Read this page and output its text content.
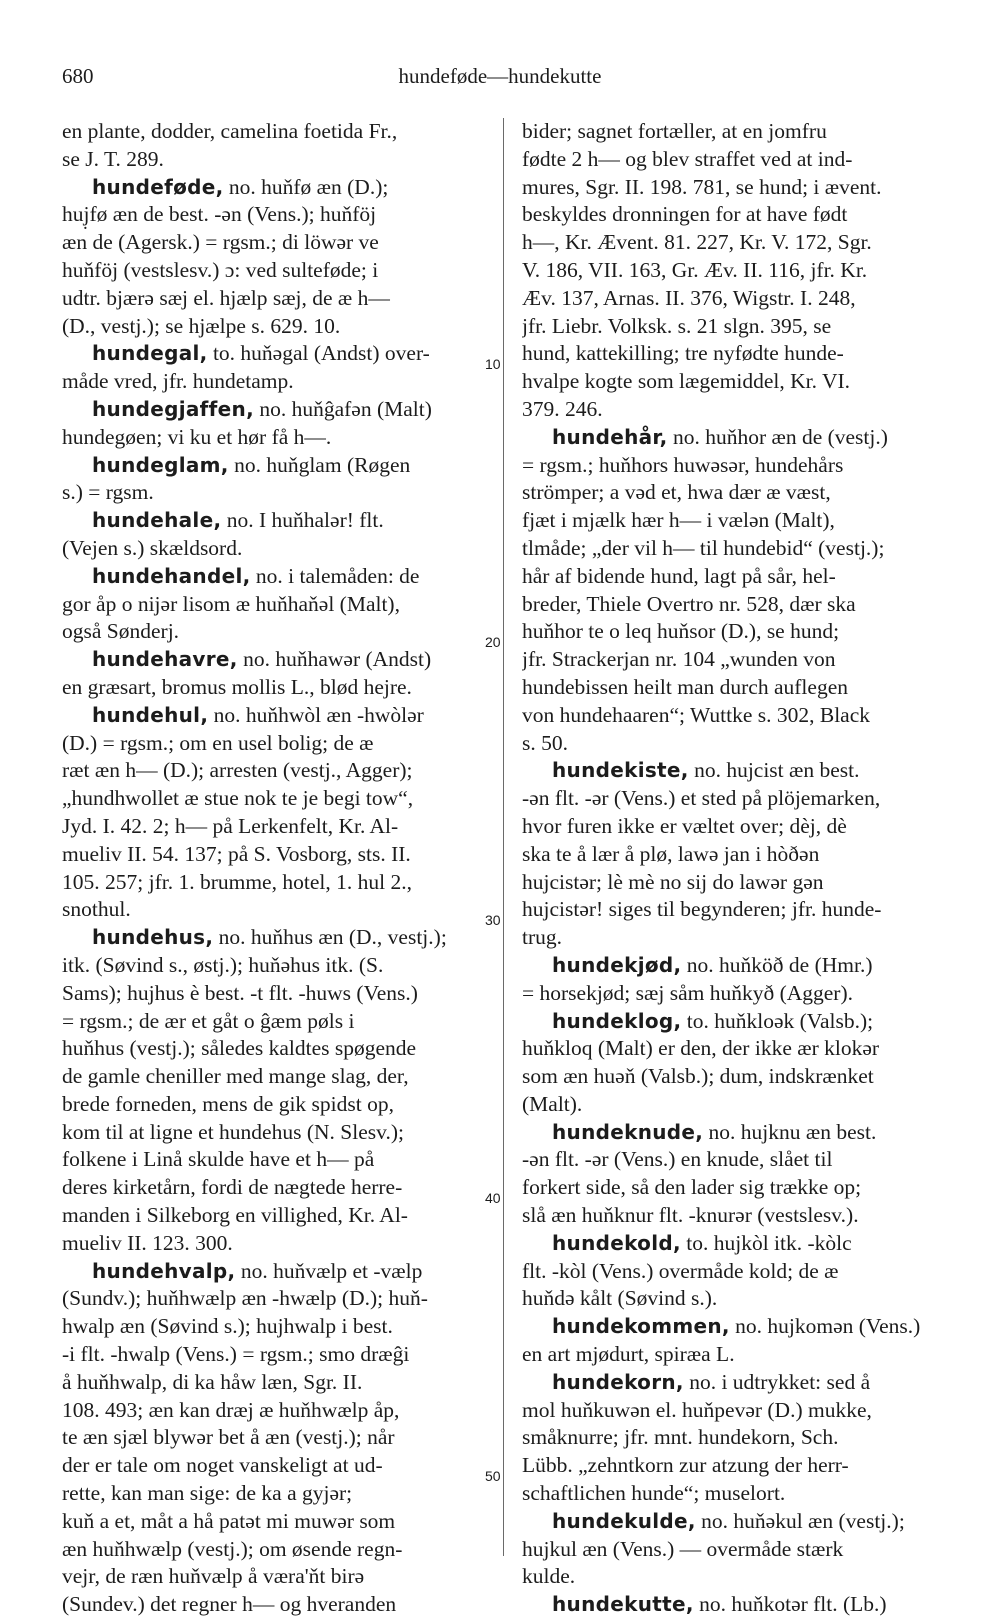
680	hundeføde—hundekutte
en plante, dodder, camelina foetida Fr.,
se J. T. 289.
hundeføde, no. huňfø æn (D.);
huj̣fø æn de best. -ən (Vens.); huňföj
æn de (Agersk.) = rgsm.; di löwər ve
huňföj (vestslesv.) ɔ: ved sulteføde; i
udtr. bjærə sæj el. hjælp sæj, de æ h—
(D., vestj.); se hjælpe s. 629. 10.
hundegal, to. huňəgal (Andst) over-
måde vred, jfr. hundetamp.
hundegjaffen, no. huňĝafən (Malt)
hundegøen; vi ku et hør få h—.
hundeglam, no. huňglam (Røgen
s.) = rgsm.
hundehale, no. I huňhalər! flt.
(Vejen s.) skældsord.
hundehandel, no. i talemåden: de
gor åp o nijər lisom æ huňhaňəl (Malt),
også Sønderj.
hundehavre, no. huňhawər (Andst)
en græsart, bromus mollis L., blød hejre.
hundehul, no. huňhwòl æn -hwòlər
(D.) = rgsm.; om en usel bolig; de æ
ræt æn h— (D.); arresten (vestj., Agger);
„hundhwollet æ stue nok te je begi tow“,
Jyd. I. 42. 2; h— på Lerkenfelt, Kr. Al-
mueliv II. 54. 137; på S. Vosborg, sts. II.
105. 257; jfr. 1. brumme, hotel, 1. hul 2.,
snothul.
hundehus, no. huňhus æn (D., vestj.);
itk. (Søvind s., østj.); huňəhus itk. (S.
Sams); hujhus è best. -t flt. -huws (Vens.)
= rgsm.; de ær et gåt o ĝæm pøls i
huňhus (vestj.); således kaldtes spøgende
de gamle cheniller med mange slag, der,
brede forneden, mens de gik spidst op,
kom til at ligne et hundehus (N. Slesv.);
folkene i Linå skulde have et h— på
deres kirketårn, fordi de nægtede herre-
manden i Silkeborg en villighed, Kr. Al-
mueliv II. 123. 300.
hundehvalp, no. huňvælp et -vælp
(Sundv.); huňhwælp æn -hwælp (D.); huň-
hwalp æn (Søvind s.); hujhwalp i best.
-i flt. -hwalp (Vens.) = rgsm.; smo dræĝi
å huňhwalp, di ka håw læn, Sgr. II.
108. 493; æn kan dræj æ huňhwælp åp,
te æn sjæl blywər bet å æn (vestj.); når
der er tale om noget vanskeligt at ud-
rette, kan man sige: de ka a gyjər;
kuň a et, måt a hå patət mi muwər som
æn huňhwælp (vestj.); om øsende regn-
vejr, de ræn huňvælp å væra'ňt birə
(Sundev.) det regner h— og hveranden
bider; sagnet fortæller, at en jomfru
fødte 2 h— og blev straffet ved at ind-
mures, Sgr. II. 198. 781, se hund; i ævent.
beskyldes dronningen for at have født
h—, Kr. Ævent. 81. 227, Kr. V. 172, Sgr.
V. 186, VII. 163, Gr. Æv. II. 116, jfr. Kr.
Æv. 137, Arnas. II. 376, Wigstr. I. 248,
jfr. Liebr. Volksk. s. 21 slgn. 395, se
hund, kattekilling; tre nyfødte hunde-
hvalpe kogte som lægemiddel, Kr. VI.
379. 246.
hundehår, no. huňhor æn de (vestj.)
= rgsm.; huňhors huwəsər, hundehårs
strömper; a vəd et, hwa dær æ væst,
fjæt i mjælk hær h— i vælən (Malt),
tlmåde; „der vil h— til hundebid“ (vestj.);
hår af bidende hund, lagt på sår, hel-
breder, Thiele Overtro nr. 528, dær ska
huňhor te o leq huňsor (D.), se hund;
jfr. Strackerjan nr. 104 „wunden von
hundebissen heilt man durch auflegen
von hundehaaren“; Wuttke s. 302, Black
s. 50.
hundekiste, no. hujcist æn best.
-ən flt. -ər (Vens.) et sted på plöjemarken,
hvor furen ikke er væltet over; dèj, dè
ska te å lær å plø, lawə jan i hòðən
hujcistər; lè mè no sij do lawər gən
hujcistər! siges til begynderen; jfr. hunde-
trug.
hundekjød, no. huňköð de (Hmr.)
= horsekjød; sæj såm huňkyð (Agger).
hundeklog, to. huňkloək (Valsb.);
huňkloq (Malt) er den, der ikke ær klokər
som æn huəň (Valsb.); dum, indskrænket
(Malt).
hundeknude, no. hujknu æn best.
-ən flt. -ər (Vens.) en knude, slået til
forkert side, så den lader sig trække op;
slå æn huňknur flt. -knurər (vestslesv.).
hundekold, to. hujkòl itk. -kòlc
flt. -kòl (Vens.) overmåde kold; de æ
huňdə kålt (Søvind s.).
hundekommen, no. hujkomən (Vens.)
en art mjødurt, spiræa L.
hundekorn, no. i udtrykket: sed å
mol huňkuwən el. huňpevər (D.) mukke,
småknurre; jfr. mnt. hundekorn, Sch.
Lübb. „zehntkorn zur atzung der herr-
schaftlichen hunde“; muselort.
hundekulde, no. huňəkul æn (vestj.);
hujkul æn (Vens.) — overmåde stærk
kulde.
hundekutte, no. huňkotər flt. (Lb.)
10
20
30
40
50
